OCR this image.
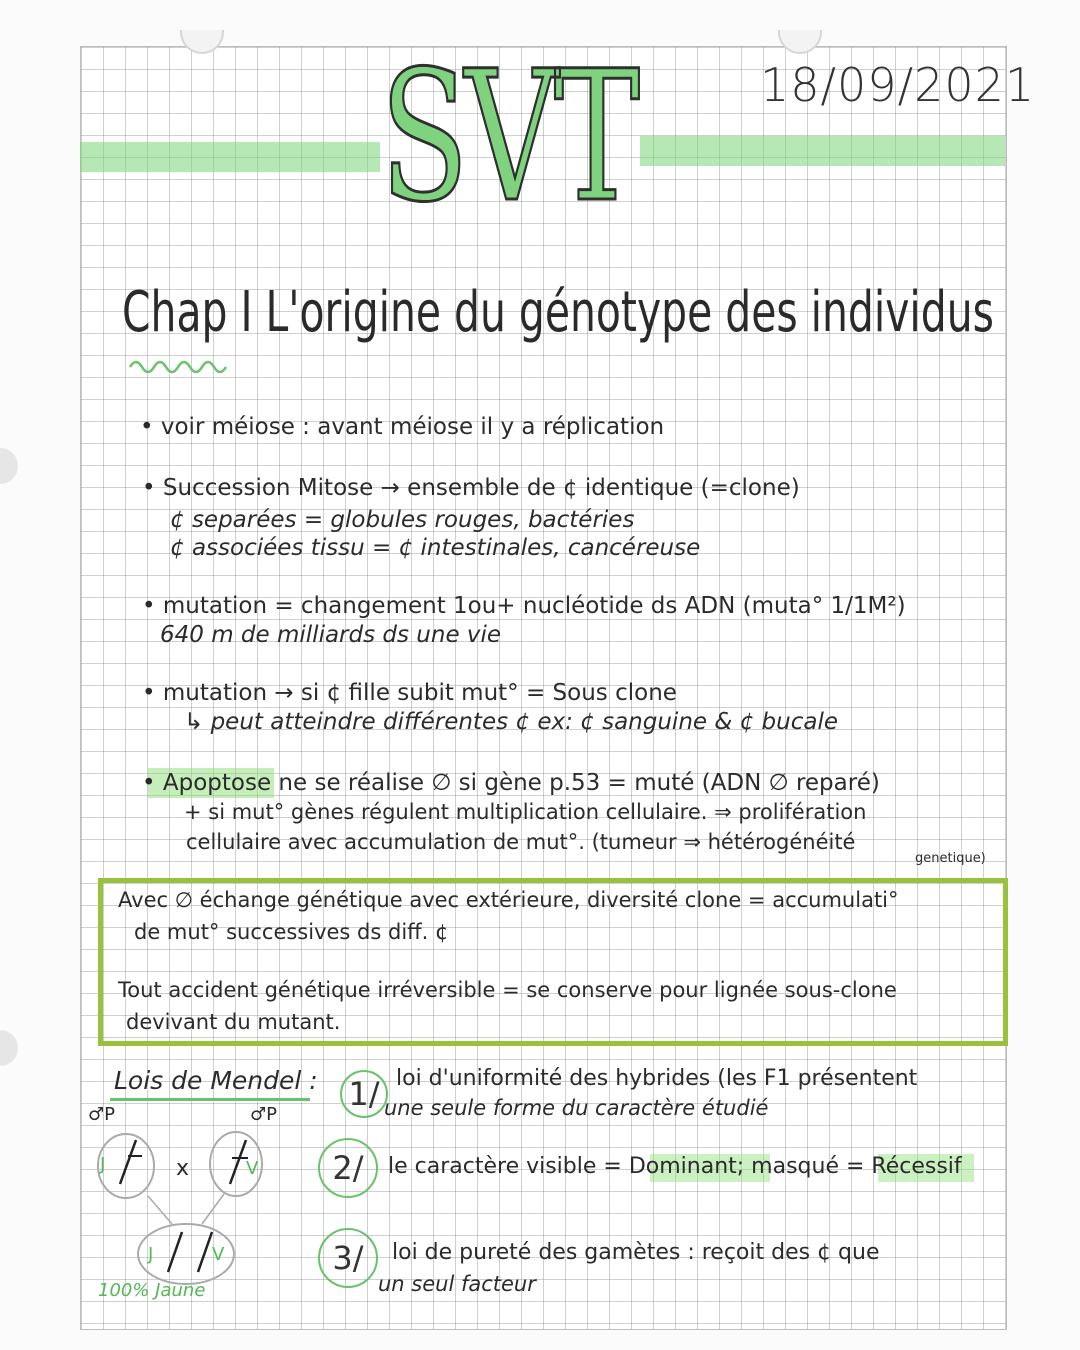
SVT	18/09/2021
Chap I L'origine du génotype des individus
• voir méiose : avant méiose il y a réplication
• Succession Mitose → ensemble de ¢ identique (=clone)
¢ separées = globules rouges, bactéries
¢ associées tissu = ¢ intestinales, cancéreuse
• mutation = changement 1ou+ nucléotide ds ADN (muta° 1/1M²)
640 m de milliards ds une vie
• mutation → si ¢ fille subit mut° = Sous clone
↳ peut atteindre différentes ¢ ex: ¢ sanguine & ¢ bucale
• Apoptose ne se réalise ∅ si gène p.53 = muté (ADN ∅ reparé)
+ si mut° gènes régulent multiplication cellulaire. ⇒ prolifération
cellulaire avec accumulation de mut°. (tumeur ⇒ hétérogénéité
genetique)
Avec ∅ échange génétique avec extérieure, diversité clone = accumulati°
de mut° successives ds diff. ¢
Tout accident génétique irréversible = se conserve pour lignée sous-clone
devivant du mutant.
Lois de Mendel : 1/ loi d'uniformité des hybrides (les F1 présentent
une seule forme du caractère étudié
2/ le caractère visible = Dominant; masqué = Récessif
3/ loi de pureté des gamètes : reçoit des ¢ que
un seul facteur
♂P	♂P
J	x	V
J	V
100% Jaune
